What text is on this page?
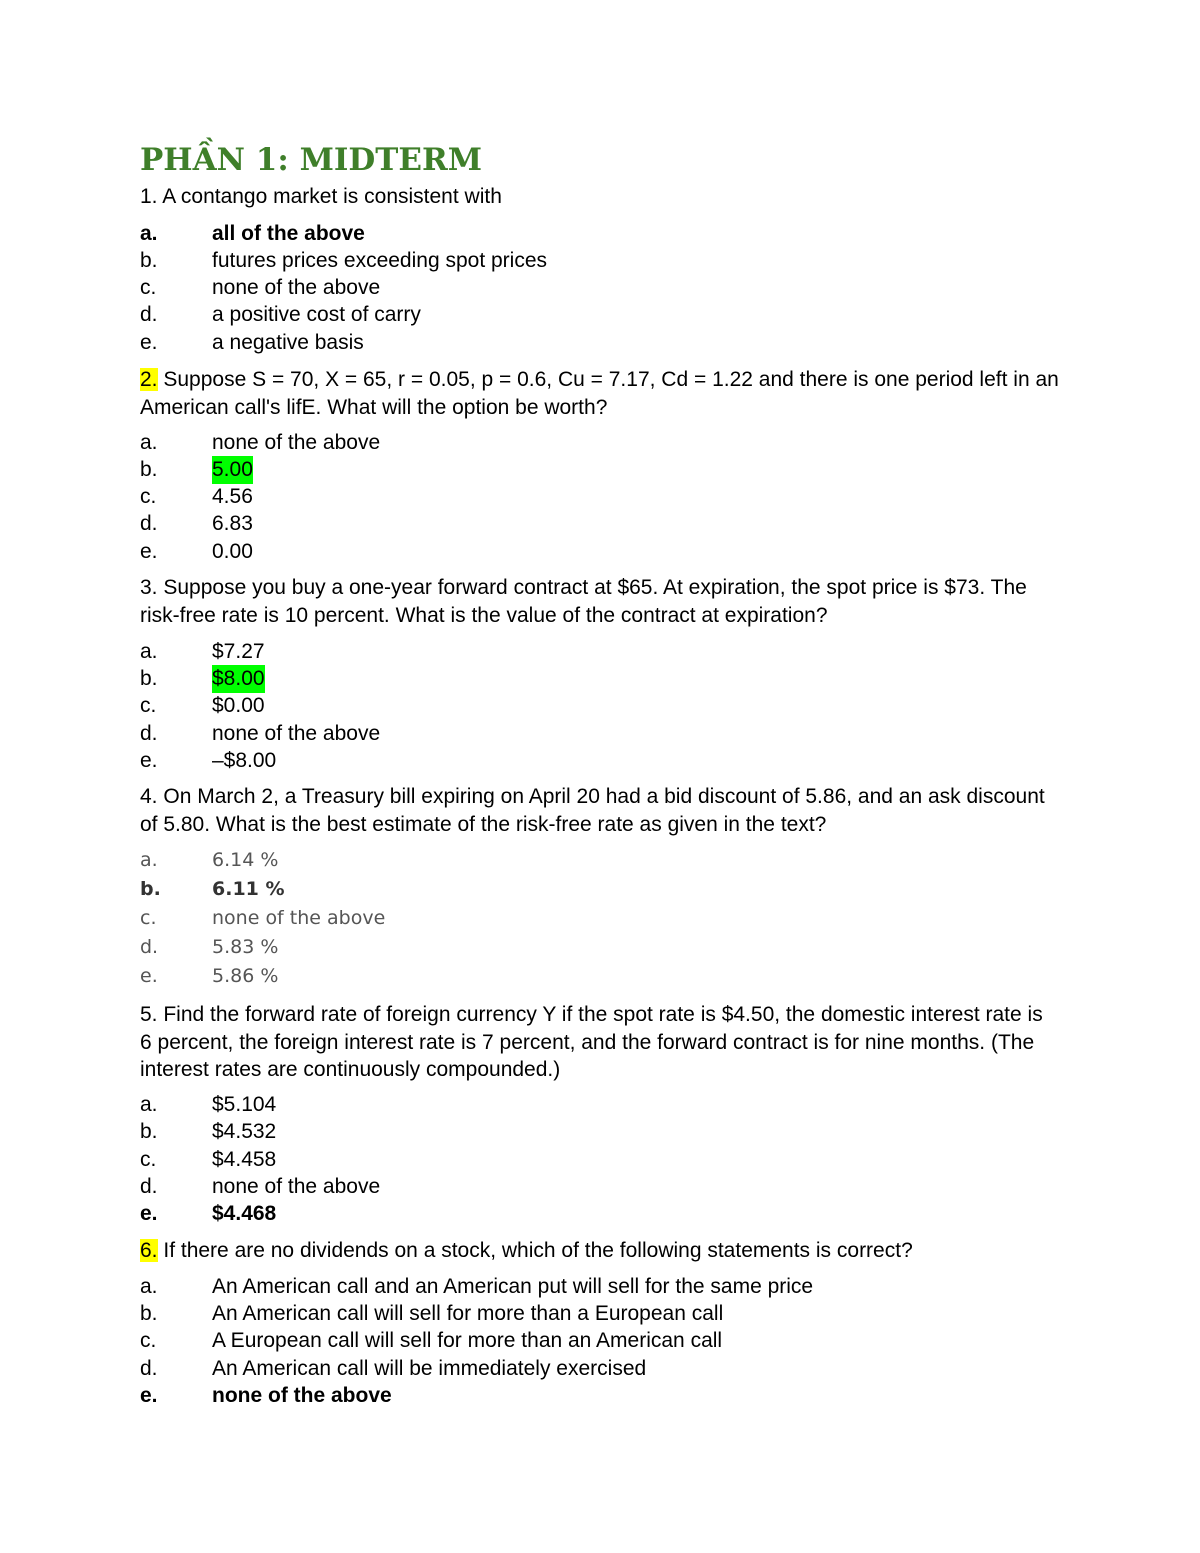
PHẦN 1: MIDTERM
1. A contango market is consistent with
a.	all of the above
b.	futures prices exceeding spot prices
c.	none of the above
d.	a positive cost of carry
e.	a negative basis
2. Suppose S = 70, X = 65, r = 0.05, p = 0.6, Cu = 7.17, Cd = 1.22 and there is one period left in an American call's lifE. What will the option be worth?
a.	none of the above
b.	5.00
c.	4.56
d.	6.83
e.	0.00
3. Suppose you buy a one-year forward contract at $65. At expiration, the spot price is $73. The risk-free rate is 10 percent. What is the value of the contract at expiration?
a.	$7.27
b.	$8.00
c.	$0.00
d.	none of the above
e.	–$8.00
4. On March 2, a Treasury bill expiring on April 20 had a bid discount of 5.86, and an ask discount of 5.80. What is the best estimate of the risk-free rate as given in the text?
a.	6.14 %
b.	6.11 %
c.	none of the above
d.	5.83 %
e.	5.86 %
5. Find the forward rate of foreign currency Y if the spot rate is $4.50, the domestic interest rate is 6 percent, the foreign interest rate is 7 percent, and the forward contract is for nine months. (The interest rates are continuously compounded.)
a.	$5.104
b.	$4.532
c.	$4.458
d.	none of the above
e.	$4.468
6. If there are no dividends on a stock, which of the following statements is correct?
a.	An American call and an American put will sell for the same price
b.	An American call will sell for more than a European call
c.	A European call will sell for more than an American call
d.	An American call will be immediately exercised
e.	none of the above
